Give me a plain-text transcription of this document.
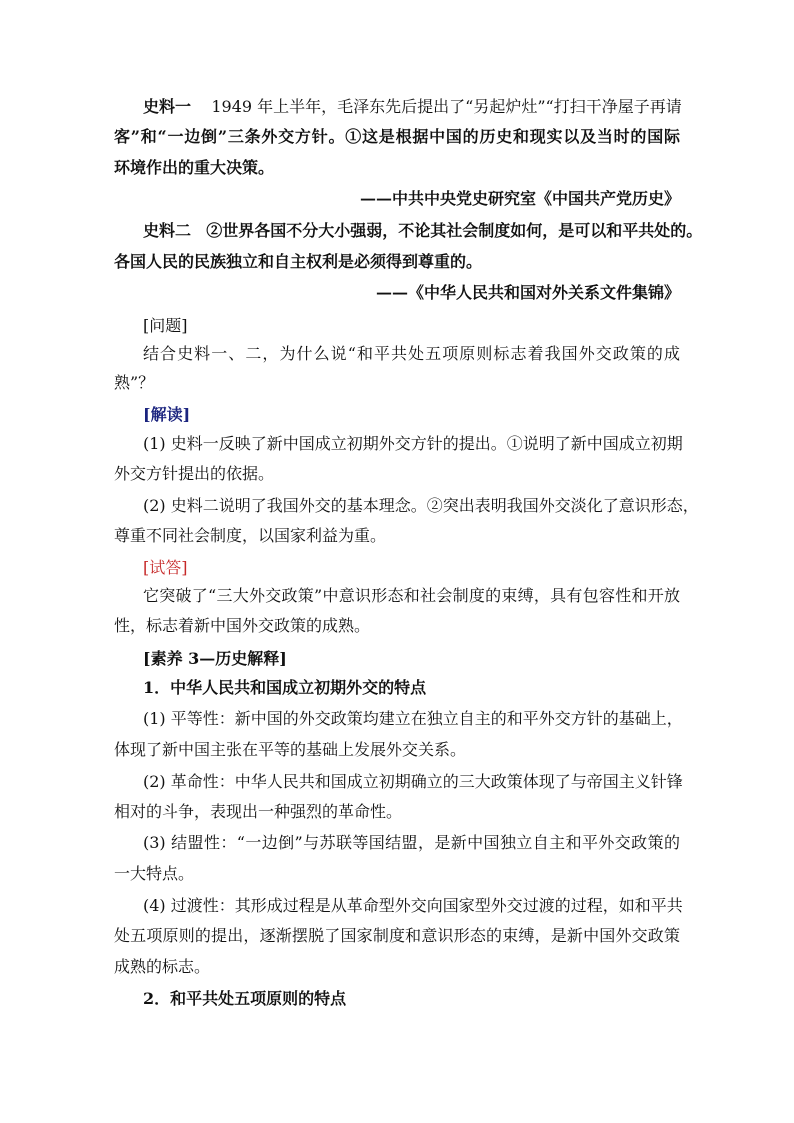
史料一 1949 年上半年，毛泽东先后提出了“另起炉灶”“打扫干净屋子再请
客”和“一边倒”三条外交方针。①这是根据中国的历史和现实以及当时的国际
环境作出的重大决策。
——中共中央党史研究室《中国共产党历史》
史料二 ②世界各国不分大小强弱，不论其社会制度如何，是可以和平共处的。
各国人民的民族独立和自主权利是必须得到尊重的。
——《中华人民共和国对外关系文件集锦》
[问题]
结合史料一、二，为什么说“和平共处五项原则标志着我国外交政策的成
熟”？
[解读]
(1) 史料一反映了新中国成立初期外交方针的提出。①说明了新中国成立初期
外交方针提出的依据。
(2) 史料二说明了我国外交的基本理念。②突出表明我国外交淡化了意识形态，
尊重不同社会制度，以国家利益为重。
[试答]
它突破了“三大外交政策”中意识形态和社会制度的束缚，具有包容性和开放
性，标志着新中国外交政策的成熟。
[素养 3—历史解释]
1．中华人民共和国成立初期外交的特点
(1) 平等性：新中国的外交政策均建立在独立自主的和平外交方针的基础上，
体现了新中国主张在平等的基础上发展外交关系。
(2) 革命性：中华人民共和国成立初期确立的三大政策体现了与帝国主义针锋
相对的斗争，表现出一种强烈的革命性。
(3) 结盟性：“一边倒”与苏联等国结盟，是新中国独立自主和平外交政策的
一大特点。
(4) 过渡性：其形成过程是从革命型外交向国家型外交过渡的过程，如和平共
处五项原则的提出，逐渐摆脱了国家制度和意识形态的束缚，是新中国外交政策
成熟的标志。
2．和平共处五项原则的特点
